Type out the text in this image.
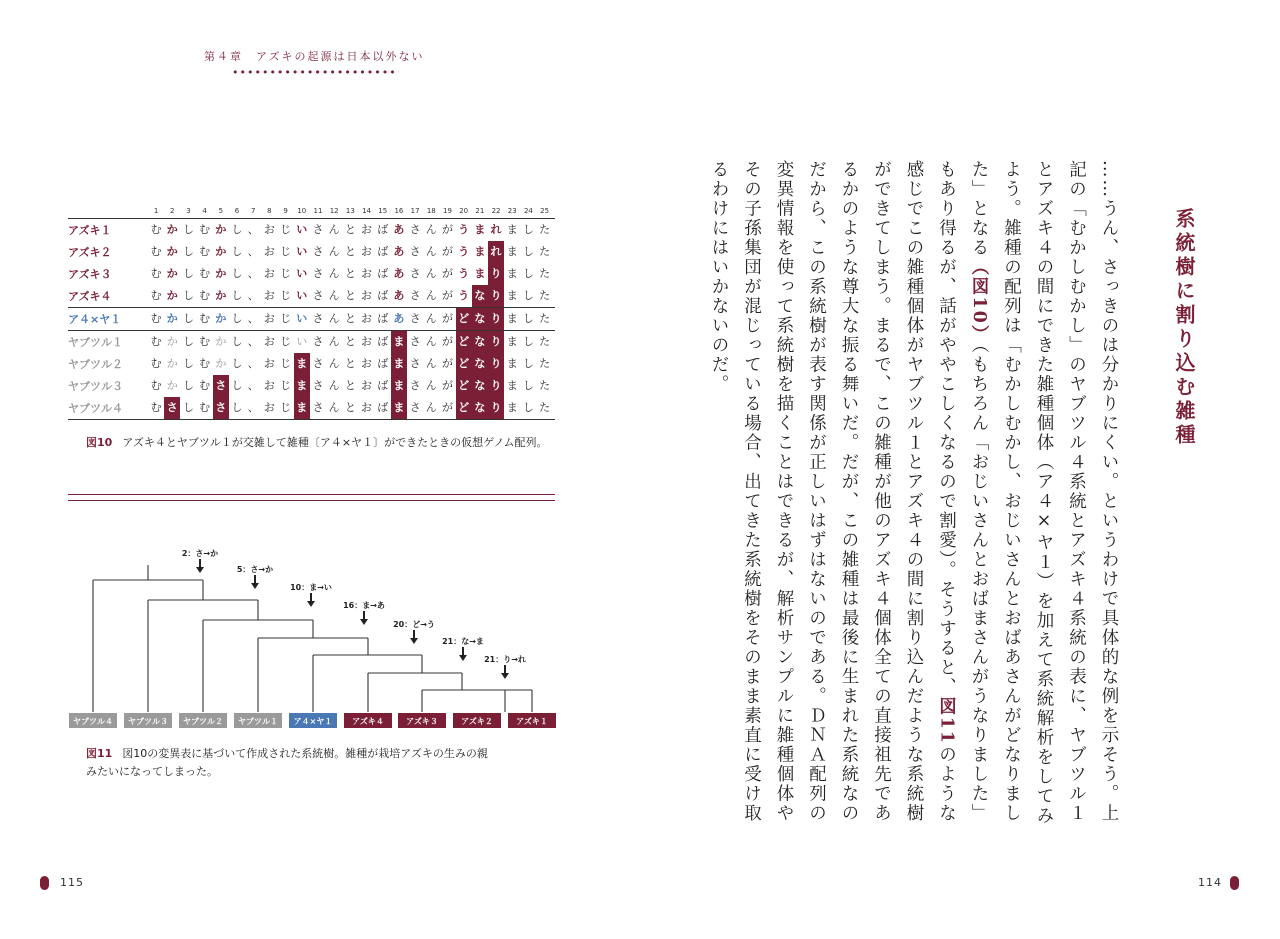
第４章　アズキの起源は日本以外ない
••••••••••••••••••••••
1	2	3	4	5	6	7	8	9	10	11	12	13	14	15	16	17	18	19	20	21	22	23	24	25
アズキ１	む か し む か し 、 お じ い さ ん と お ば あ さ ん が う ま れ ま し た
アズキ２	む か し む か し 、 お じ い さ ん と お ば あ さ ん が う ま れ ま し た
アズキ３	む か し む か し 、 お じ い さ ん と お ば あ さ ん が う ま り ま し た
アズキ４	む か し む か し 、 お じ い さ ん と お ば あ さ ん が う な り ま し た
ア４×ヤ１	む か し む か し 、 お じ い さ ん と お ば あ さ ん が ど な り ま し た
ヤブツル１	む か し む か し 、 お じ い さ ん と お ば ま さ ん が ど な り ま し た
ヤブツル２	む か し む か し 、 お じ ま さ ん と お ば ま さ ん が ど な り ま し た
ヤブツル３	む か し む さ し 、 お じ ま さ ん と お ば ま さ ん が ど な り ま し た
ヤブツル４	む さ し む さ し 、 お じ ま さ ん と お ば ま さ ん が ど な り ま し た
図10 アズキ４とヤブツル１が交雑して雑種〔ア４×ヤ１〕ができたときの仮想ゲノム配列。
ヤブツル４ ヤブツル３ ヤブツル２ ヤブツル１ ア４×ヤ１ アズキ４	アズキ３	アズキ２	アズキ１
2：さ→か
5：さ→か
10：ま→い
16：ま→あ
20：ど→う
21：な→ま
21：り→れ
図11 図10の変異表に基づいて作成された系統樹。雑種が栽培アズキの生みの親
みたいになってしまった。
115	114
系統樹に割り込む雑種
……うん、さっきのは分かりにくい。というわけで具体的な例を示そう。上記の「むかしむかし」のヤブツル４系統とアズキ４系統の表に、ヤブツル１とアズキ４の間にできた雑種個体（ア４×ヤ１）を加えて系統解析をしてみよう。雑種の配列は「むかしむかし、おじいさんとおばあさんがどなりました」となる（図10）（もちろん「おじいさんとおばまさんがうなりました」もあり得るが、話がややこしくなるので割愛）。そうすると、図11のような感じでこの雑種個体がヤブツル１とアズキ４の間に割り込んだような系統樹ができてしまう。まるで、この雑種が他のアズキ４個体全ての直接祖先であるかのような尊大な振る舞いだ。だが、この雑種は最後に生まれた系統なのだから、この系統樹が表す関係が正しいはずはないのである。ＤＮＡ配列の変異情報を使って系統樹を描くことはできるが、解析サンプルに雑種個体やその子孫集団が混じっている場合、出てきた系統樹をそのまま素直に受け取るわけにはいかないのだ。
